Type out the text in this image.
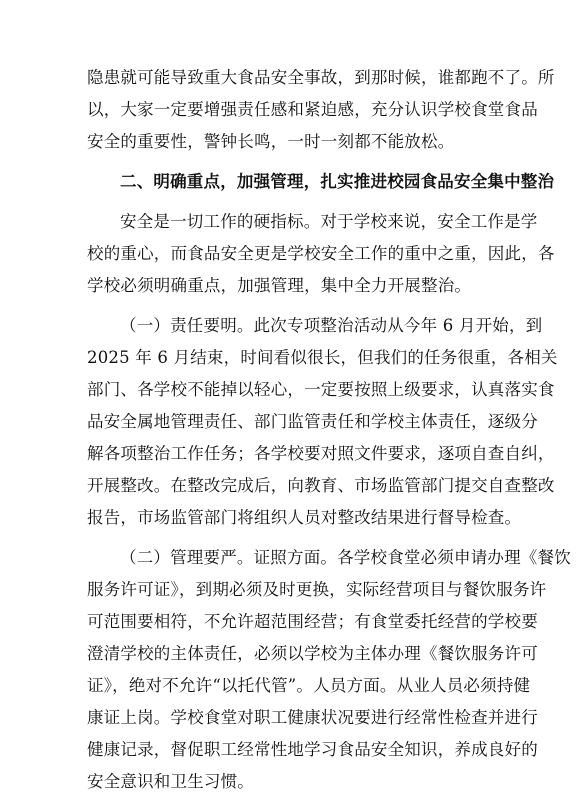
隐患就可能导致重大食品安全事故，到那时候，谁都跑不了。所
以，大家一定要增强责任感和紧迫感，充分认识学校食堂食品
安全的重要性，警钟长鸣，一时一刻都不能放松。
二、明确重点，加强管理，扎实推进校园食品安全集中整治
安全是一切工作的硬指标。对于学校来说，安全工作是学
校的重心，而食品安全更是学校安全工作的重中之重，因此，各
学校必须明确重点，加强管理，集中全力开展整治。
（一）责任要明。此次专项整治活动从今年 6 月开始，到
2025 年 6 月结束，时间看似很长，但我们的任务很重，各相关
部门、各学校不能掉以轻心，一定要按照上级要求，认真落实食
品安全属地管理责任、部门监管责任和学校主体责任，逐级分
解各项整治工作任务；各学校要对照文件要求，逐项自查自纠，
开展整改。在整改完成后，向教育、市场监管部门提交自查整改
报告，市场监管部门将组织人员对整改结果进行督导检查。
（二）管理要严。证照方面。各学校食堂必须申请办理《餐饮
服务许可证》，到期必须及时更换，实际经营项目与餐饮服务许
可范围要相符，不允许超范围经营；有食堂委托经营的学校要
澄清学校的主体责任，必须以学校为主体办理《餐饮服务许可
证》，绝对不允许“以托代管”。人员方面。从业人员必须持健
康证上岗。学校食堂对职工健康状况要进行经常性检查并进行
健康记录，督促职工经常性地学习食品安全知识，养成良好的
安全意识和卫生习惯。
